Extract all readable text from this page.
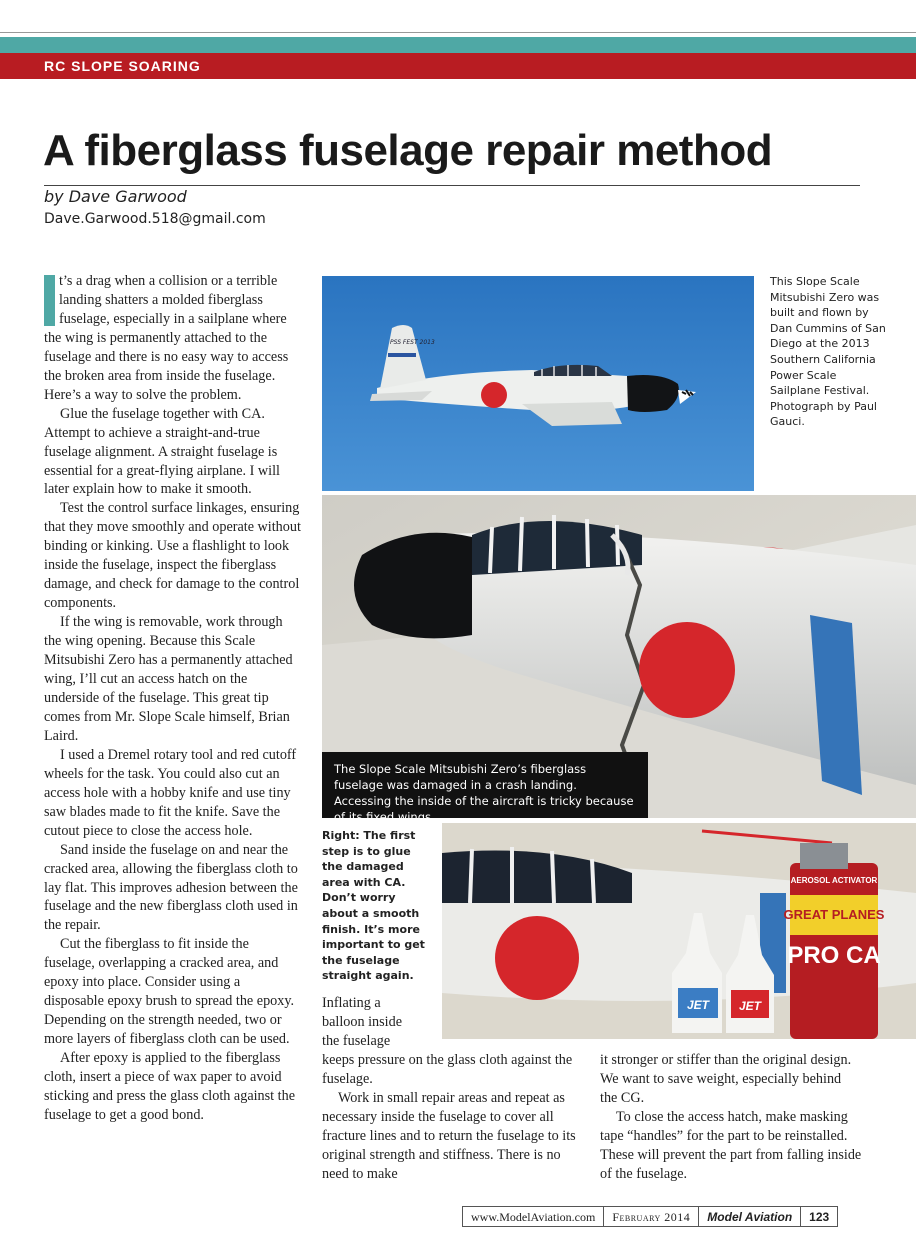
RC SLOPE SOARING
A fiberglass fuselage repair method
by Dave Garwood
Dave.Garwood.518@gmail.com

t’s a drag when a collision or a terrible landing shatters a molded fiberglass fuselage, especially in a sailplane where the wing is permanently attached to the fuselage and there is no easy way to access the broken area from inside the fuselage. Here’s a way to solve the problem.

Glue the fuselage together with CA. Attempt to achieve a straight-and-true fuselage alignment. A straight fuselage is essential for a great-flying airplane. I will later explain how to make it smooth.

Test the control surface linkages, ensuring that they move smoothly and operate without binding or kinking. Use a flashlight to look inside the fuselage, inspect the fiberglass damage, and check for damage to the control components.

If the wing is removable, work through the wing opening. Because this Scale Mitsubishi Zero has a permanently attached wing, I’ll cut an access hatch on the underside of the fuselage. This great tip comes from Mr. Slope Scale himself, Brian Laird.

I used a Dremel rotary tool and red cutoff wheels for the task. You could also cut an access hole with a hobby knife and use tiny saw blades made to fit the knife. Save the cutout piece to close the access hole.

Sand inside the fuselage on and near the cracked area, allowing the fiberglass cloth to lay flat. This improves adhesion between the fuselage and the new fiberglass cloth used in the repair.

Cut the fiberglass to fit inside the fuselage, overlapping a cracked area, and epoxy into place. Consider using a disposable epoxy brush to spread the epoxy. Depending on the strength needed, two or more layers of fiberglass cloth can be used.

After epoxy is applied to the fiberglass cloth, insert a piece of wax paper to avoid sticking and press the glass cloth against the fuselage to get a good bond.

PSS FEST 2013
This Slope Scale Mitsubishi Zero was built and flown by Dan Cummins of San Diego at the 2013 Southern California Power Scale Sailplane Festival. Photograph by Paul Gauci.
The Slope Scale Mitsubishi Zero’s fiberglass fuselage was damaged in a crash landing. Accessing the inside of the aircraft is tricky because of its fixed wings.
GREAT PLANES
PRO CA
AEROSOL ACTIVATOR
JET JET
Right: The first step is to glue the damaged area with CA. Don’t worry about a smooth finish. It’s more important to get the fuselage straight again.
Inflating a balloon inside the fuselage

keeps pressure on the glass cloth against the fuselage.

Work in small repair areas and repeat as necessary inside the fuselage to cover all fracture lines and to return the fuselage to its original strength and stiffness. There is no need to make

it stronger or stiffer than the original design. We want to save weight, especially behind the CG.

To close the access hatch, make masking tape “handles” for the part to be reinstalled. These will prevent the part from falling inside of the fuselage.

www.ModelAviation.com	February 2014	Model Aviation	123
